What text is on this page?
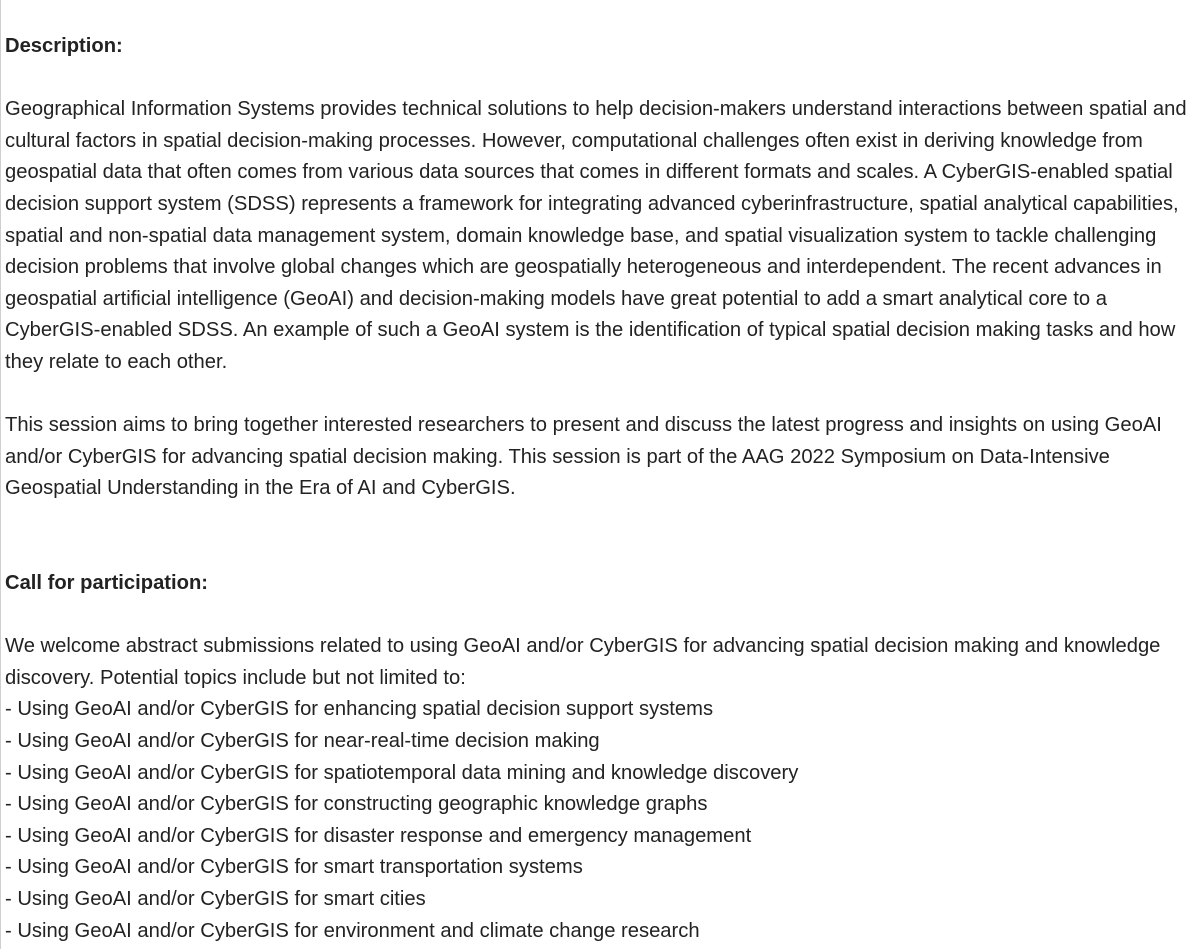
Description:

Geographical Information Systems provides technical solutions to help decision-makers understand interactions between spatial and cultural factors in spatial decision-making processes. However, computational challenges often exist in deriving knowledge from geospatial data that often comes from various data sources that comes in different formats and scales. A CyberGIS-enabled spatial decision support system (SDSS) represents a framework for integrating advanced cyberinfrastructure, spatial analytical capabilities, spatial and non-spatial data management system, domain knowledge base, and spatial visualization system to tackle challenging decision problems that involve global changes which are geospatially heterogeneous and interdependent. The recent advances in geospatial artificial intelligence (GeoAI) and decision-making models have great potential to add a smart analytical core to a CyberGIS-enabled SDSS. An example of such a GeoAI system is the identification of typical spatial decision making tasks and how they relate to each other.

This session aims to bring together interested researchers to present and discuss the latest progress and insights on using GeoAI and/or CyberGIS for advancing spatial decision making. This session is part of the AAG 2022 Symposium on Data-Intensive Geospatial Understanding in the Era of AI and CyberGIS.

Call for participation:

We welcome abstract submissions related to using GeoAI and/or CyberGIS for advancing spatial decision making and knowledge discovery. Potential topics include but not limited to:

- Using GeoAI and/or CyberGIS for enhancing spatial decision support systems
- Using GeoAI and/or CyberGIS for near-real-time decision making
- Using GeoAI and/or CyberGIS for spatiotemporal data mining and knowledge discovery
- Using GeoAI and/or CyberGIS for constructing geographic knowledge graphs
- Using GeoAI and/or CyberGIS for disaster response and emergency management
- Using GeoAI and/or CyberGIS for smart transportation systems
- Using GeoAI and/or CyberGIS for smart cities
- Using GeoAI and/or CyberGIS for environment and climate change research
